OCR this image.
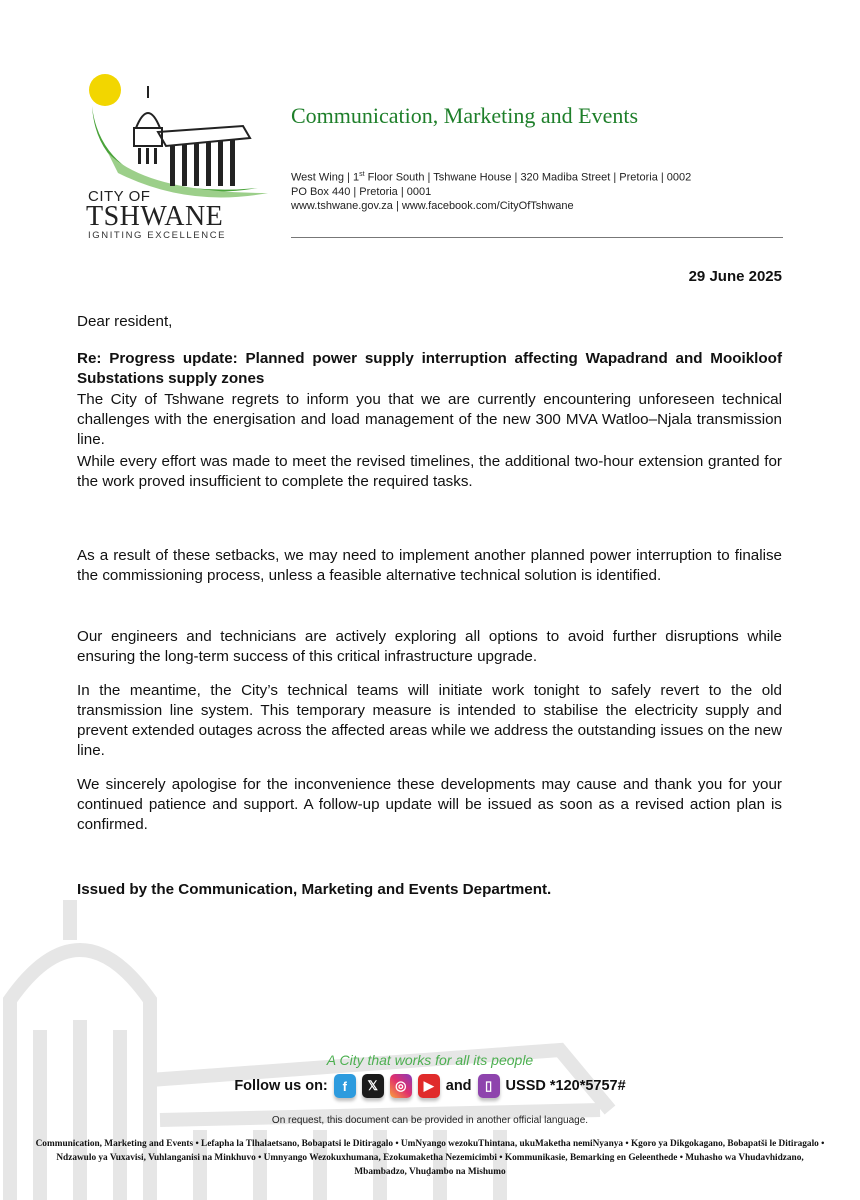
CITY OF
TSHWANE
IGNITING EXCELLENCE
Communication, Marketing and Events
West Wing | 1st Floor South | Tshwane House | 320 Madiba Street | Pretoria | 0002
PO Box 440 | Pretoria | 0001
www.tshwane.gov.za | www.facebook.com/CityOfTshwane
29 June 2025
Dear resident,
Re: Progress update: Planned power supply interruption affecting Wapadrand and Mooikloof Substations supply zones
The City of Tshwane regrets to inform you that we are currently encountering unforeseen technical challenges with the energisation and load management of the new 300 MVA Watloo–Njala transmission line.
While every effort was made to meet the revised timelines, the additional two-hour extension granted for the work proved insufficient to complete the required tasks.
As a result of these setbacks, we may need to implement another planned power interruption to finalise the commissioning process, unless a feasible alternative technical solution is identified.
Our engineers and technicians are actively exploring all options to avoid further disruptions while ensuring the long-term success of this critical infrastructure upgrade.
In the meantime, the City’s technical teams will initiate work tonight to safely revert to the old transmission line system. This temporary measure is intended to stabilise the electricity supply and prevent extended outages across the affected areas while we address the outstanding issues on the new line.
We sincerely apologise for the inconvenience these developments may cause and thank you for your continued patience and support. A follow-up update will be issued as soon as a revised action plan is confirmed.
Issued by the Communication, Marketing and Events Department.
A City that works for all its people
Follow us on:	f	𝕏	◎	▶ and	▯ USSD *120*5757#
On request, this document can be provided in another official language.
Communication, Marketing and Events • Lefapha la Tlhalaetsano, Bobapatsi le Ditiragalo • UmNyango wezokuThintana, ukuMaketha nemiNyanya • Kgoro ya Dikgokagano, Bobapatši le Ditiragalo • Ndzawulo ya Vuxavisi, Vuhlanganisi na Minkhuvo • Umnyango Wezokuxhumana, Ezokumaketha Nezemicimbi • Kommunikasie, Bemarking en Geleenthede • Muhasho wa Vhudavhidzano, Mbambadzo, Vhuḓambo na Mishumo
